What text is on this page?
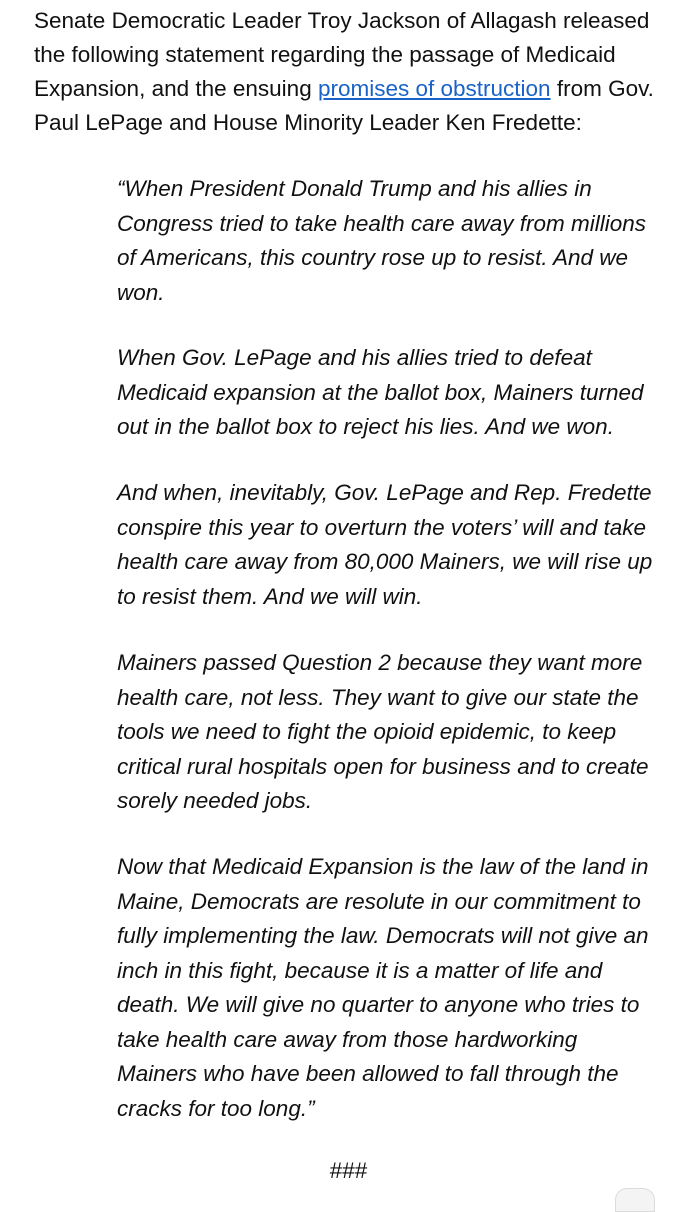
Senate Democratic Leader Troy Jackson of Allagash released the following statement regarding the passage of Medicaid Expansion, and the ensuing promises of obstruction from Gov. Paul LePage and House Minority Leader Ken Fredette:

“When President Donald Trump and his allies in Congress tried to take health care away from millions of Americans, this country rose up to resist. And we won.

When Gov. LePage and his allies tried to defeat Medicaid expansion at the ballot box, Mainers turned out in the ballot box to reject his lies. And we won.

And when, inevitably, Gov. LePage and Rep. Fredette conspire this year to overturn the voters’ will and take health care away from 80,000 Mainers, we will rise up to resist them. And we will win.

Mainers passed Question 2 because they want more health care, not less. They want to give our state the tools we need to fight the opioid epidemic, to keep critical rural hospitals open for business and to create sorely needed jobs.

Now that Medicaid Expansion is the law of the land in Maine, Democrats are resolute in our commitment to fully implementing the law. Democrats will not give an inch in this fight, because it is a matter of life and death. We will give no quarter to anyone who tries to take health care away from those hardworking Mainers who have been allowed to fall through the cracks for too long.”

###
